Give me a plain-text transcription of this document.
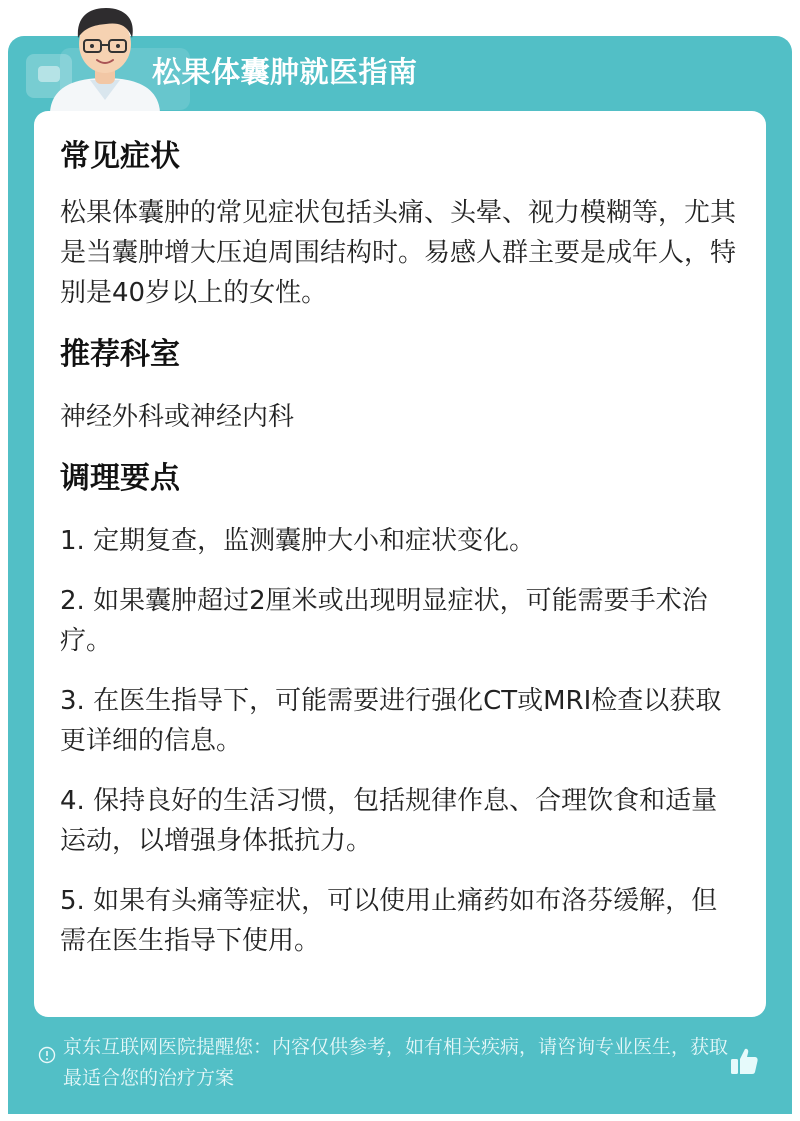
松果体囊肿就医指南
常见症状

松果体囊肿的常见症状包括头痛、头晕、视力模糊等，尤其是当囊肿增大压迫周围结构时。易感人群主要是成年人，特别是40岁以上的女性。

推荐科室

神经外科或神经内科

调理要点

1. 定期复查，监测囊肿大小和症状变化。

2. 如果囊肿超过2厘米或出现明显症状，可能需要手术治疗。

3. 在医生指导下，可能需要进行强化CT或MRI检查以获取更详细的信息。

4. 保持良好的生活习惯，包括规律作息、合理饮食和适量运动，以增强身体抵抗力。

5. 如果有头痛等症状，可以使用止痛药如布洛芬缓解，但需在医生指导下使用。

京东互联网医院提醒您：内容仅供参考，如有相关疾病，请咨询专业医生，获取最适合您的治疗方案
